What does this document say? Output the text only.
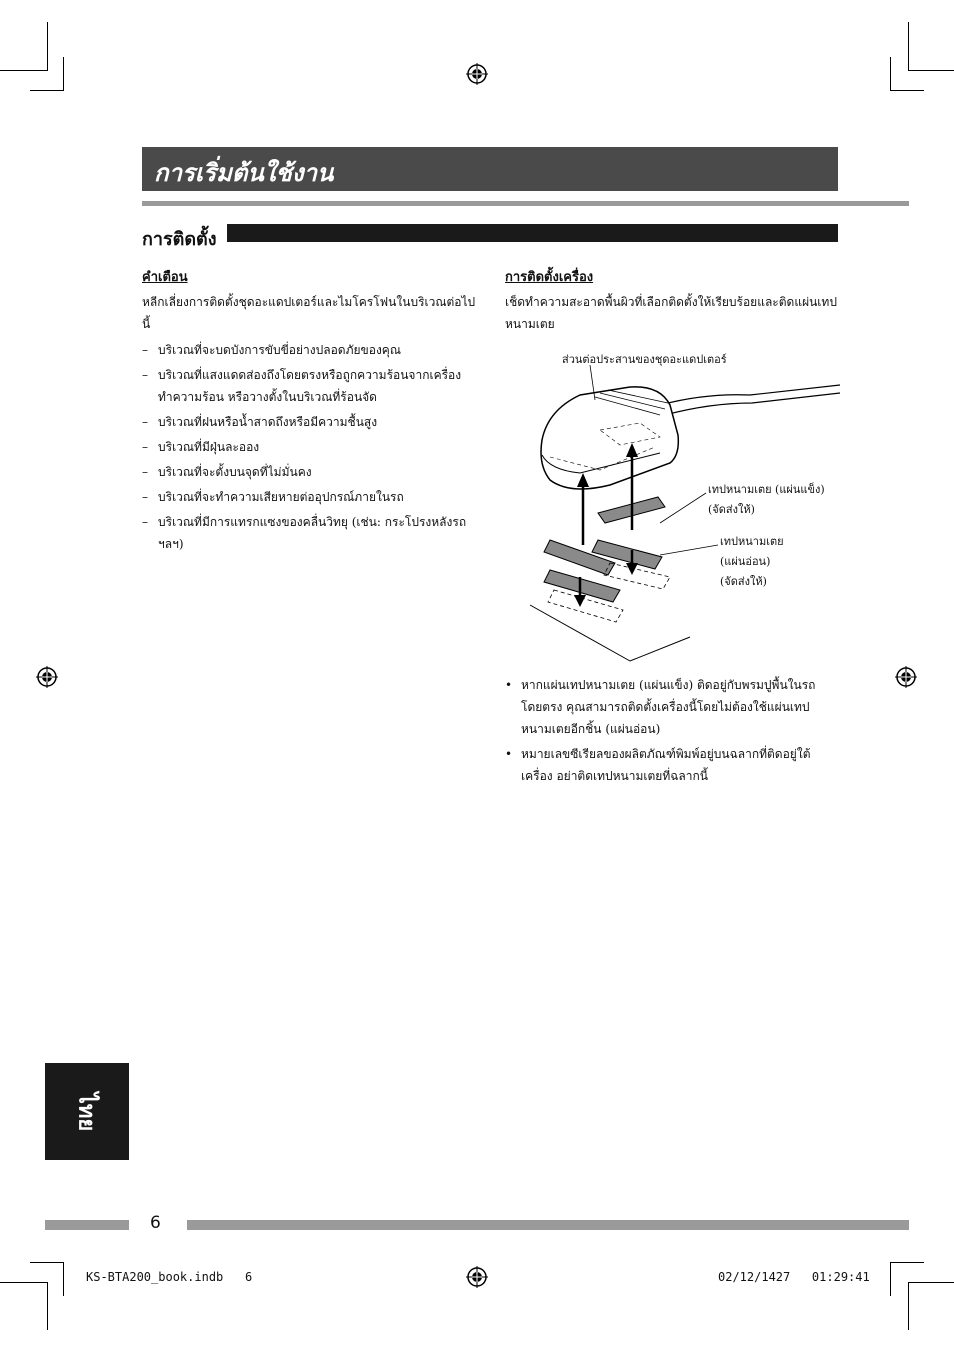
การเริ่มต้นใช้งาน
การติดตั้ง
คำเตือน
หลีกเลี่ยงการติดตั้งชุดอะแดปเตอร์และไมโครโฟนในบริเวณต่อไปนี้
– บริเวณที่จะบดบังการขับขี่อย่างปลอดภัยของคุณ
– บริเวณที่แสงแดดส่องถึงโดยตรงหรือถูกความร้อนจากเครื่องทำความร้อน หรือวางตั้งในบริเวณที่ร้อนจัด
– บริเวณที่ฝนหรือน้ำสาดถึงหรือมีความชื้นสูง
– บริเวณที่มีฝุ่นละออง
– บริเวณที่จะตั้งบนจุดที่ไม่มั่นคง
– บริเวณที่จะทำความเสียหายต่ออุปกรณ์ภายในรถ
– บริเวณที่มีการแทรกแซงของคลื่นวิทยุ (เช่น: กระโปรงหลังรถ ฯลฯ)
การติดตั้งเครื่อง
เช็ดทำความสะอาดพื้นผิวที่เลือกติดตั้งให้เรียบร้อยและติดแผ่นเทปหนามเตย
ส่วนต่อประสานของชุดอะแดปเตอร์
เทปหนามเตย (แผ่นแข็ง)
(จัดส่งให้)
เทปหนามเตย
(แผ่นอ่อน)
(จัดส่งให้)
• หากแผ่นเทปหนามเตย (แผ่นแข็ง) ติดอยู่กับพรมปูพื้นในรถโดยตรง คุณสามารถติดตั้งเครื่องนี้โดยไม่ต้องใช้แผ่นเทปหนามเตยอีกชิ้น (แผ่นอ่อน)
• หมายเลขซีเรียลของผลิตภัณฑ์พิมพ์อยู่บนฉลากที่ติดอยู่ใต้เครื่อง อย่าติดเทปหนามเตยที่ฉลากนี้
ไทย
6
KS-BTA200_book.indb   6	02/12/1427   01:29:41
